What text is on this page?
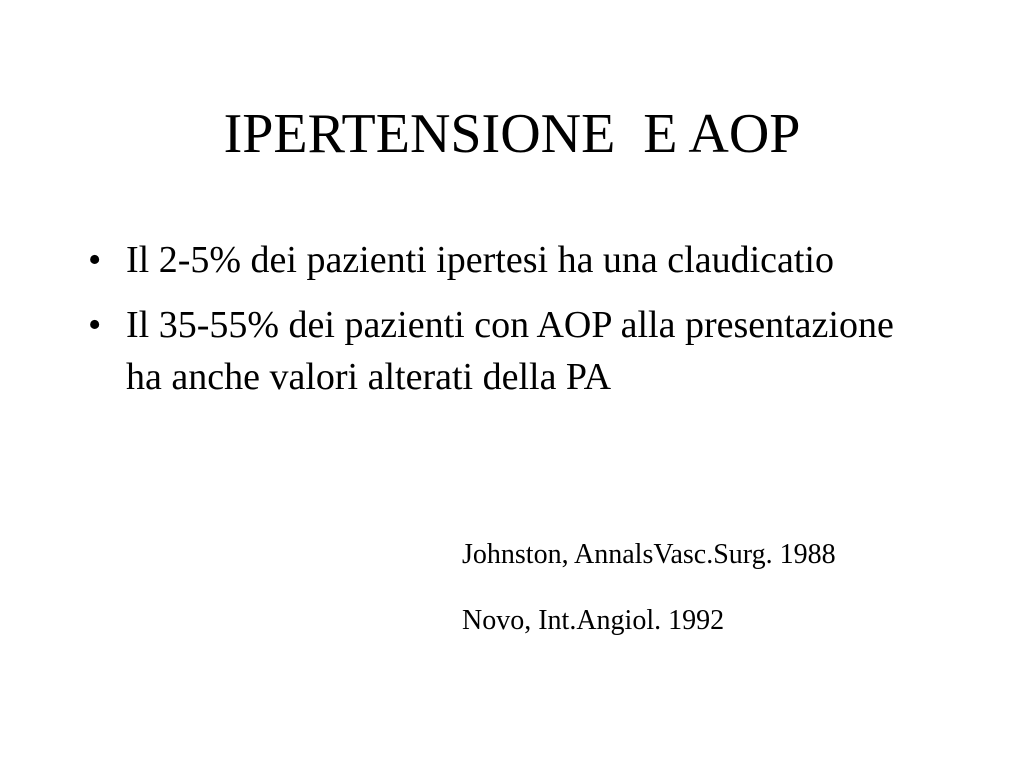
IPERTENSIONE  E AOP
• Il 2-5% dei pazienti ipertesi ha una claudicatio
• Il 35-55% dei pazienti con AOP alla presentazione ha anche valori alterati della PA
Johnston, AnnalsVasc.Surg. 1988
Novo, Int.Angiol. 1992
